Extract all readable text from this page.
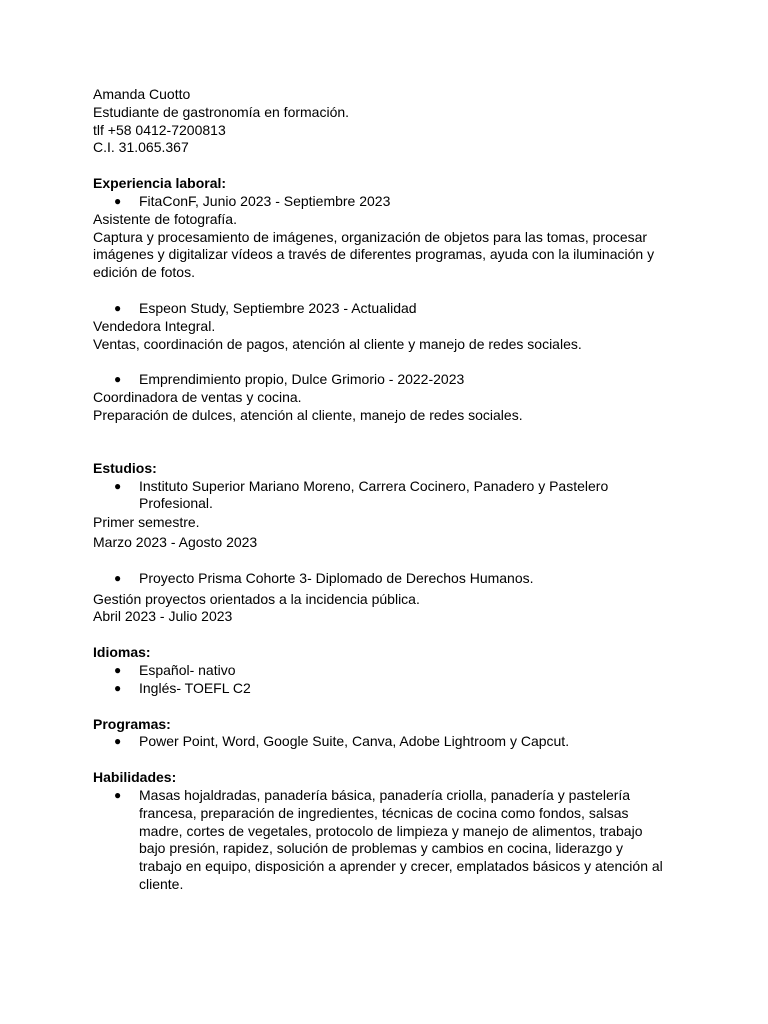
Amanda Cuotto
Estudiante de gastronomía en formación.
tlf +58 0412-7200813
C.I. 31.065.367
Experiencia laboral:
● FitaConF, Junio 2023 - Septiembre 2023
Asistente de fotografía.
Captura y procesamiento de imágenes, organización de objetos para las tomas, procesar imágenes y digitalizar vídeos a través de diferentes programas, ayuda con la iluminación y edición de fotos.
● Espeon Study, Septiembre 2023 - Actualidad
Vendedora Integral.
Ventas, coordinación de pagos, atención al cliente y manejo de redes sociales.
● Emprendimiento propio, Dulce Grimorio - 2022-2023
Coordinadora de ventas y cocina.
Preparación de dulces, atención al cliente, manejo de redes sociales.
Estudios:
● Instituto Superior Mariano Moreno, Carrera Cocinero, Panadero y Pastelero Profesional.
Primer semestre.
Marzo 2023 - Agosto 2023
● Proyecto Prisma Cohorte 3- Diplomado de Derechos Humanos.
Gestión proyectos orientados a la incidencia pública.
Abril 2023 - Julio 2023
Idiomas:
● Español- nativo
● Inglés- TOEFL C2
Programas:
● Power Point, Word, Google Suite, Canva, Adobe Lightroom y Capcut.
Habilidades:
● Masas hojaldradas, panadería básica, panadería criolla, panadería y pastelería francesa, preparación de ingredientes, técnicas de cocina como fondos, salsas madre, cortes de vegetales, protocolo de limpieza y manejo de alimentos, trabajo bajo presión, rapidez, solución de problemas y cambios en cocina, liderazgo y trabajo en equipo, disposición a aprender y crecer, emplatados básicos y atención al cliente.
